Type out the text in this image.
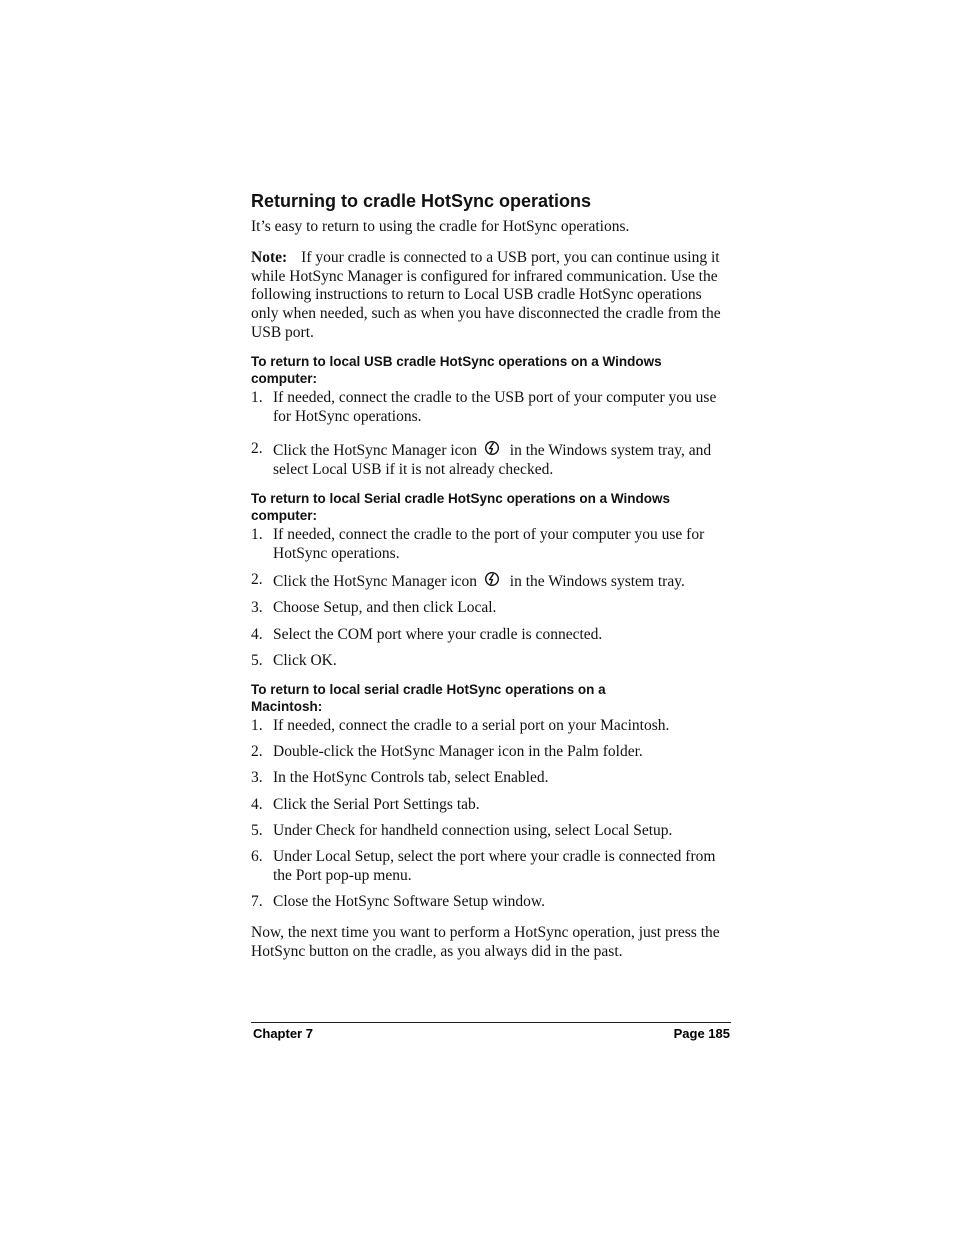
Returning to cradle HotSync operations

It’s easy to return to using the cradle for HotSync operations.

Note: If your cradle is connected to a USB port, you can continue using it while HotSync Manager is configured for infrared communication. Use the following instructions to return to Local USB cradle HotSync operations only when needed, such as when you have disconnected the cradle from the USB port.

To return to local USB cradle HotSync operations on a Windows computer:
1. If needed, connect the cradle to the USB port of your computer you use for HotSync operations.
2. Click the HotSync Manager icon in the Windows system tray, and select Local USB if it is not already checked.
To return to local Serial cradle HotSync operations on a Windows computer:
1. If needed, connect the cradle to the port of your computer you use for HotSync operations.
2. Click the HotSync Manager icon in the Windows system tray.
3. Choose Setup, and then click Local.
4. Select the COM port where your cradle is connected.
5. Click OK.
To return to local serial cradle HotSync operations on a Macintosh:
1. If needed, connect the cradle to a serial port on your Macintosh.
2. Double-click the HotSync Manager icon in the Palm folder.
3. In the HotSync Controls tab, select Enabled.
4. Click the Serial Port Settings tab.
5. Under Check for handheld connection using, select Local Setup.
6. Under Local Setup, select the port where your cradle is connected from the Port pop-up menu.
7. Close the HotSync Software Setup window.

Now, the next time you want to perform a HotSync operation, just press the HotSync button on the cradle, as you always did in the past.

Chapter 7	Page 185
